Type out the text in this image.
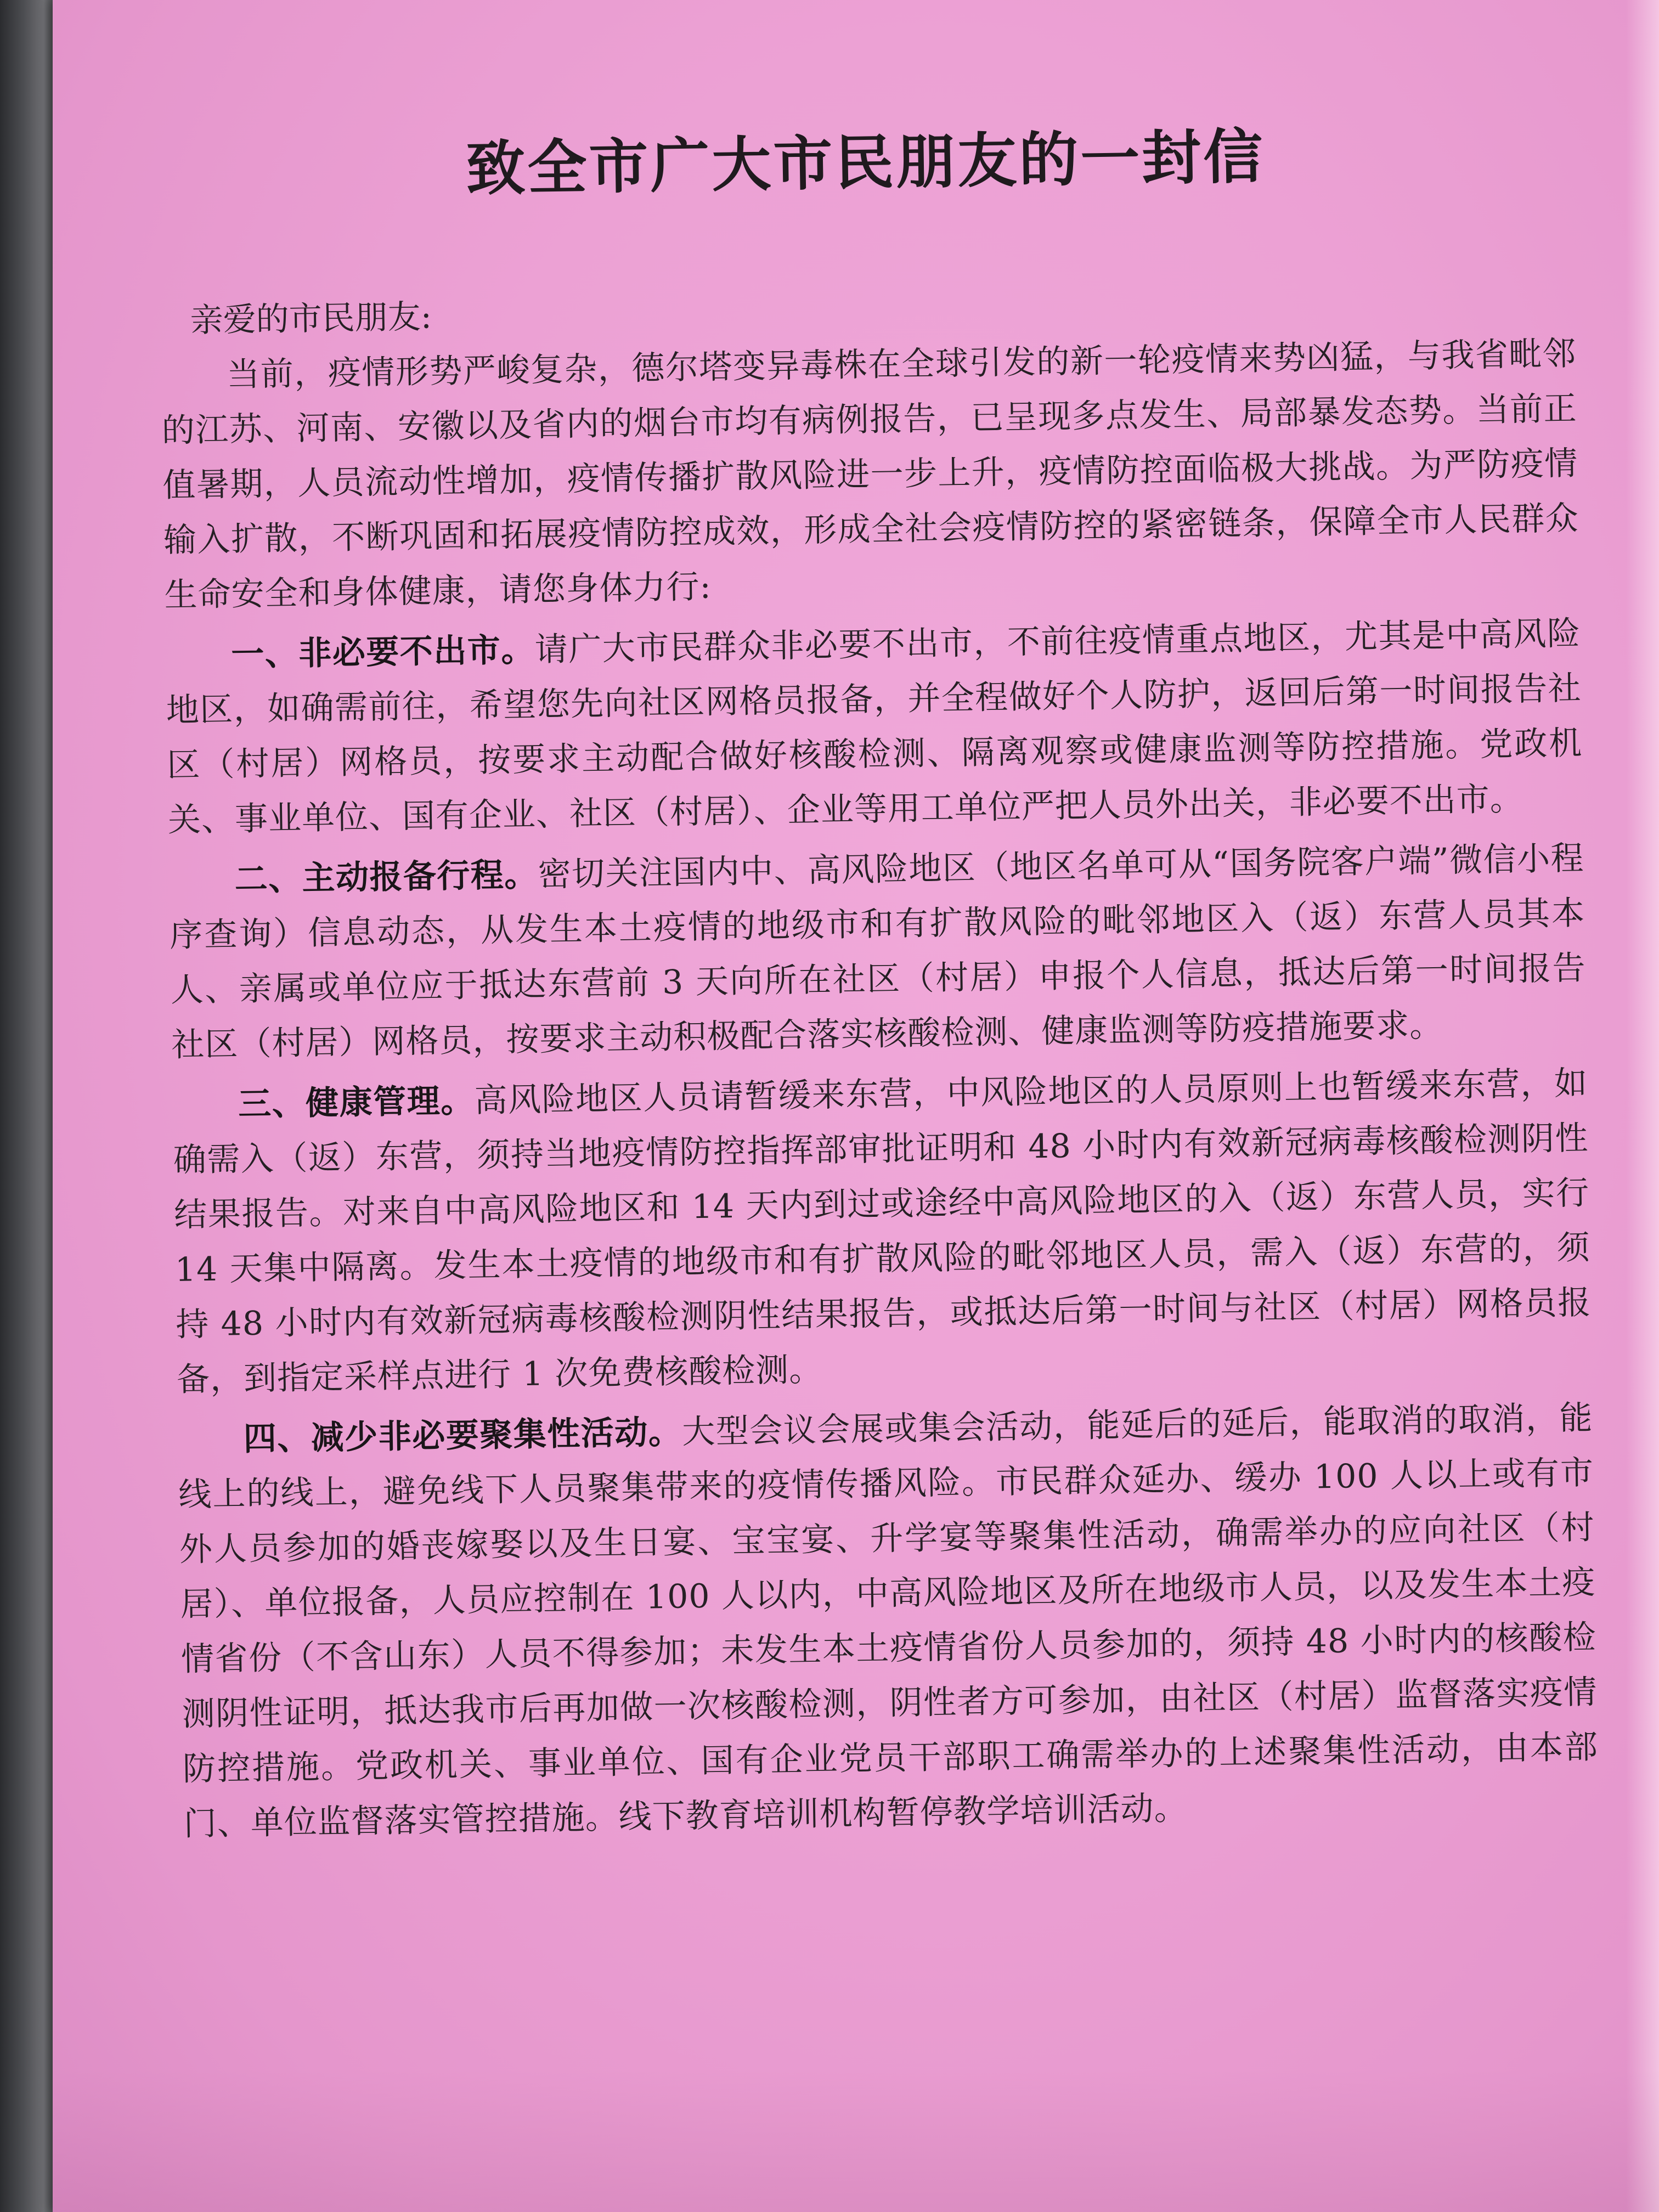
致全市广大市民朋友的一封信

亲爱的市民朋友:

当前，疫情形势严峻复杂，德尔塔变异毒株在全球引发的新一轮疫情来势凶猛，与我省毗邻的江苏、河南、安徽以及省内的烟台市均有病例报告，已呈现多点发生、局部暴发态势。当前正值暑期，人员流动性增加，疫情传播扩散风险进一步上升，疫情防控面临极大挑战。为严防疫情输入扩散，不断巩固和拓展疫情防控成效，形成全社会疫情防控的紧密链条，保障全市人民群众生命安全和身体健康，请您身体力行:

一、非必要不出市。请广大市民群众非必要不出市，不前往疫情重点地区，尤其是中高风险地区，如确需前往，希望您先向社区网格员报备，并全程做好个人防护，返回后第一时间报告社区（村居）网格员，按要求主动配合做好核酸检测、隔离观察或健康监测等防控措施。党政机关、事业单位、国有企业、社区（村居）、企业等用工单位严把人员外出关，非必要不出市。

二、主动报备行程。密切关注国内中、高风险地区（地区名单可从“国务院客户端”微信小程序查询）信息动态，从发生本土疫情的地级市和有扩散风险的毗邻地区入（返）东营人员其本人、亲属或单位应于抵达东营前 3 天向所在社区（村居）申报个人信息，抵达后第一时间报告社区（村居）网格员，按要求主动积极配合落实核酸检测、健康监测等防疫措施要求。

三、健康管理。高风险地区人员请暂缓来东营，中风险地区的人员原则上也暂缓来东营，如确需入（返）东营，须持当地疫情防控指挥部审批证明和 48 小时内有效新冠病毒核酸检测阴性结果报告。对来自中高风险地区和 14 天内到过或途经中高风险地区的入（返）东营人员，实行 14 天集中隔离。发生本土疫情的地级市和有扩散风险的毗邻地区人员，需入（返）东营的，须持 48 小时内有效新冠病毒核酸检测阴性结果报告，或抵达后第一时间与社区（村居）网格员报备，到指定采样点进行 1 次免费核酸检测。

四、减少非必要聚集性活动。大型会议会展或集会活动，能延后的延后，能取消的取消，能线上的线上，避免线下人员聚集带来的疫情传播风险。市民群众延办、缓办 100 人以上或有市外人员参加的婚丧嫁娶以及生日宴、宝宝宴、升学宴等聚集性活动，确需举办的应向社区（村居）、单位报备，人员应控制在 100 人以内，中高风险地区及所在地级市人员，以及发生本土疫情省份（不含山东）人员不得参加；未发生本土疫情省份人员参加的，须持 48 小时内的核酸检测阴性证明，抵达我市后再加做一次核酸检测，阴性者方可参加，由社区（村居）监督落实疫情防控措施。党政机关、事业单位、国有企业党员干部职工确需举办的上述聚集性活动，由本部门、单位监督落实管控措施。线下教育培训机构暂停教学培训活动。
